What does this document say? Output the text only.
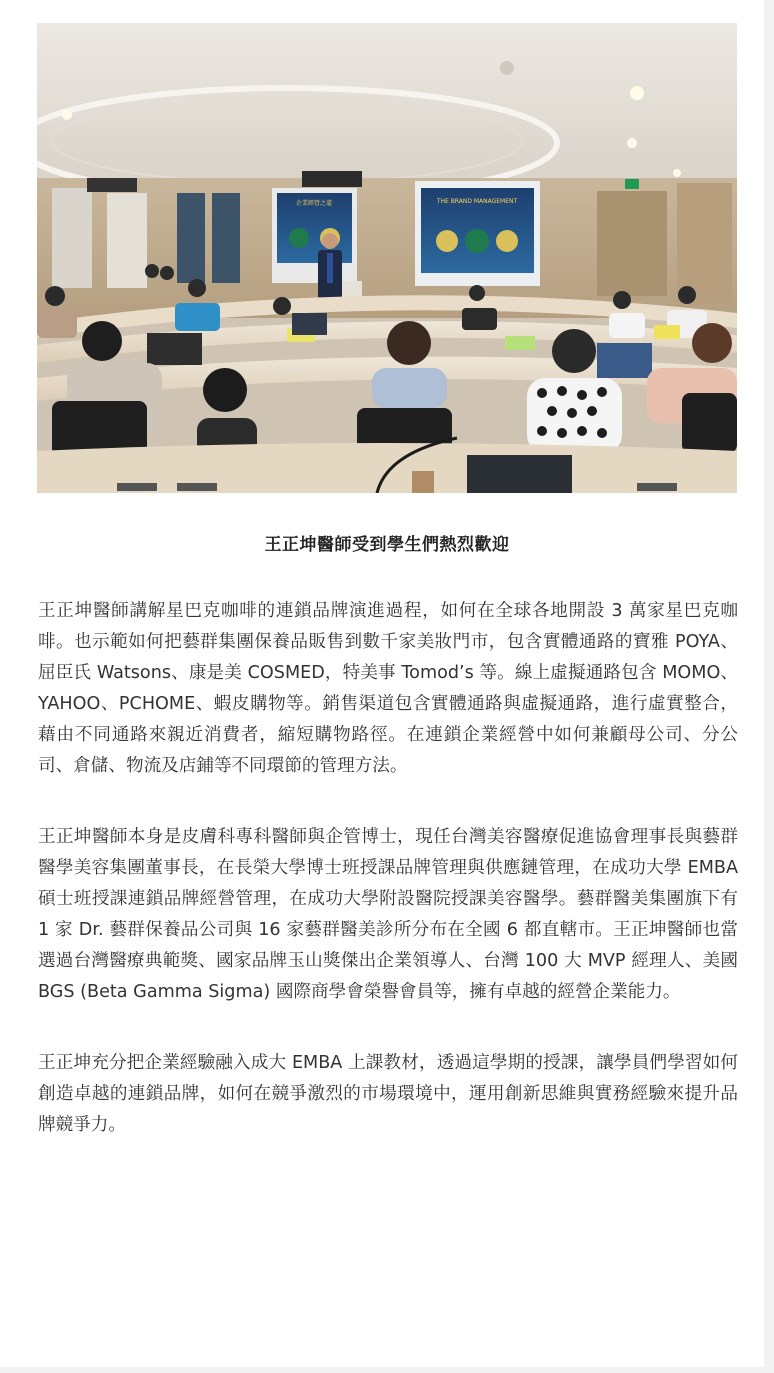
企業經營之道	THE BRAND MANAGEMENT
王正坤醫師受到學生們熱烈歡迎

王正坤醫師講解星巴克咖啡的連鎖品牌演進過程，如何在全球各地開設 3 萬家星巴克咖啡。也示範如何把藝群集團保養品販售到數千家美妝門市，包含實體通路的寶雅 POYA、屈臣氏 Watsons、康是美 COSMED，特美事 Tomod’s 等。線上虛擬通路包含 MOMO、YAHOO、PCHOME、蝦皮購物等。銷售渠道包含實體通路與虛擬通路，進行虛實整合，藉由不同通路來親近消費者，縮短購物路徑。在連鎖企業經營中如何兼顧母公司、分公司、倉儲、物流及店鋪等不同環節的管理方法。

王正坤醫師本身是皮膚科專科醫師與企管博士，現任台灣美容醫療促進協會理事長與藝群醫學美容集團董事長，在長榮大學博士班授課品牌管理與供應鏈管理，在成功大學 EMBA 碩士班授課連鎖品牌經營管理，在成功大學附設醫院授課美容醫學。藝群醫美集團旗下有 1 家 Dr. 藝群保養品公司與 16 家藝群醫美診所分布在全國 6 都直轄市。王正坤醫師也當選過台灣醫療典範獎、國家品牌玉山獎傑出企業領導人、台灣 100 大 MVP 經理人、美國 BGS (Beta Gamma Sigma) 國際商學會榮譽會員等，擁有卓越的經營企業能力。

王正坤充分把企業經驗融入成大 EMBA 上課教材，透過這學期的授課，讓學員們學習如何創造卓越的連鎖品牌，如何在競爭激烈的市場環境中，運用創新思維與實務經驗來提升品牌競爭力。
